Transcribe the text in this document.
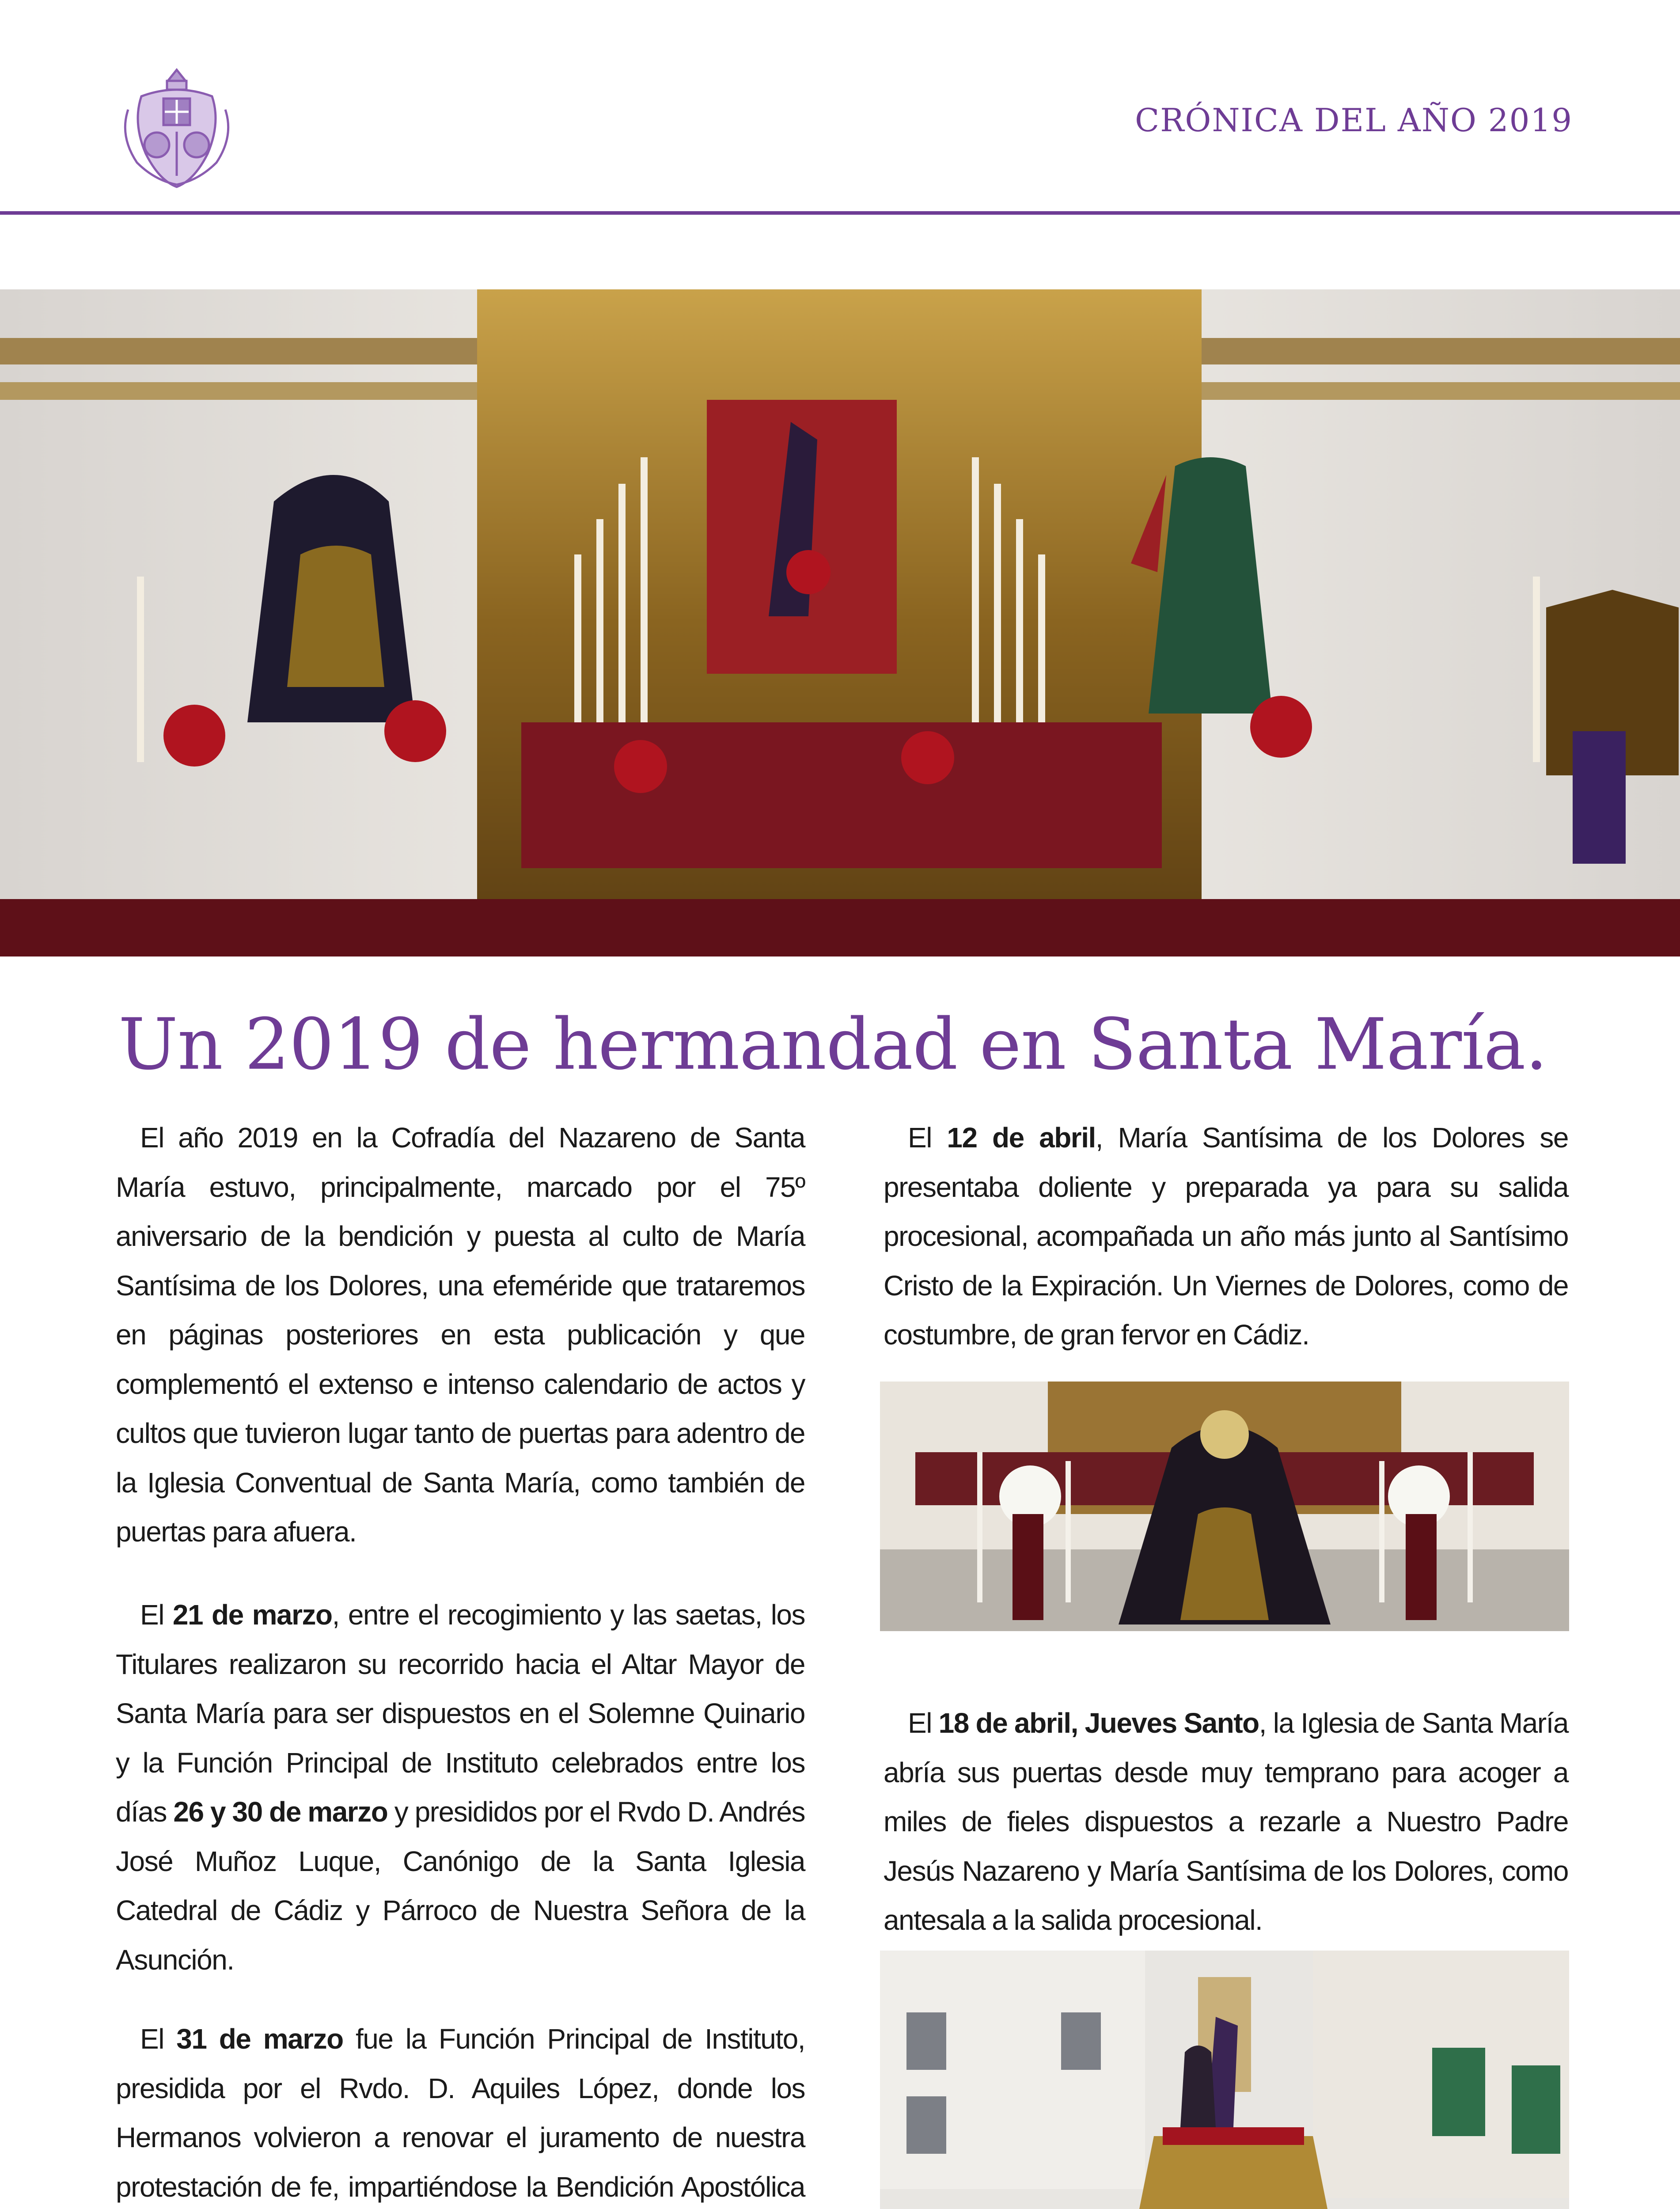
CRÓNICA DEL AÑO 2019
Un 2019 de hermandad en Santa María.

El año 2019 en la Cofradía del Nazareno de Santa María estuvo, principalmente, marcado por el 75º aniversario de la bendición y puesta al culto de María Santísima de los Dolores, una efeméride que trataremos en páginas posteriores en esta publicación y que complementó el extenso e intenso calendario de actos y cultos que tuvieron lugar tanto de puertas para adentro de la Iglesia Conventual de Santa María, como también de puertas para afuera.

El 21 de marzo, entre el recogimiento y las saetas, los Titulares realizaron su recorrido hacia el Altar Mayor de Santa María para ser dispuestos en el Solemne Quinario y la Función Principal de Instituto celebrados entre los días 26 y 30 de marzo y presididos por el Rvdo D. Andrés José Muñoz Luque, Canónigo de la Santa Iglesia Catedral de Cádiz y Párroco de Nuestra Señora de la Asunción.

El 31 de marzo fue la Función Principal de Instituto, presidida por el Rvdo. D. Aquiles López, donde los Hermanos volvieron a renovar el juramento de nuestra protestación de fe, impartiéndose la Bendición Apostólica

El 12 de abril, María Santísima de los Dolores se presentaba doliente y preparada ya para su salida procesional, acompañada un año más junto al Santísimo Cristo de la Expiración. Un Viernes de Dolores, como de costumbre, de gran fervor en Cádiz.

El 18 de abril, Jueves Santo, la Iglesia de Santa María abría sus puertas desde muy temprano para acoger a miles de fieles dispuestos a rezarle a Nuestro Padre Jesús Nazareno y María Santísima de los Dolores, como antesala a la salida procesional.
